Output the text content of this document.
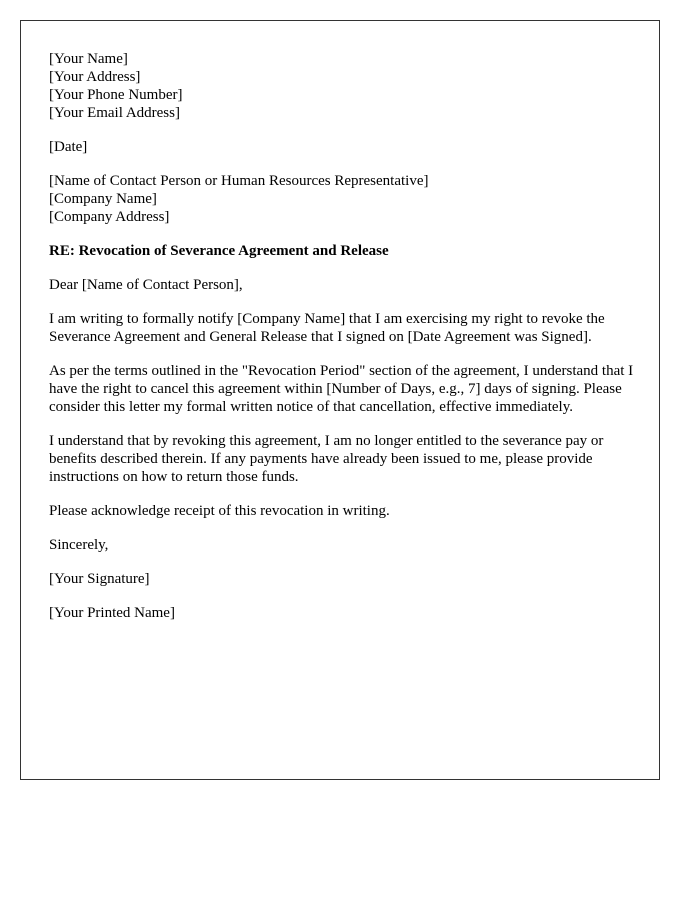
[Your Name]
[Your Address]
[Your Phone Number]
[Your Email Address]
[Date]
[Name of Contact Person or Human Resources Representative]
[Company Name]
[Company Address]
RE: Revocation of Severance Agreement and Release
Dear [Name of Contact Person],
I am writing to formally notify [Company Name] that I am exercising my right to revoke the Severance Agreement and General Release that I signed on [Date Agreement was Signed].
As per the terms outlined in the "Revocation Period" section of the agreement, I understand that I have the right to cancel this agreement within [Number of Days, e.g., 7] days of signing. Please consider this letter my formal written notice of that cancellation, effective immediately.
I understand that by revoking this agreement, I am no longer entitled to the severance pay or benefits described therein. If any payments have already been issued to me, please provide instructions on how to return those funds.
Please acknowledge receipt of this revocation in writing.
Sincerely,
[Your Signature]
[Your Printed Name]
